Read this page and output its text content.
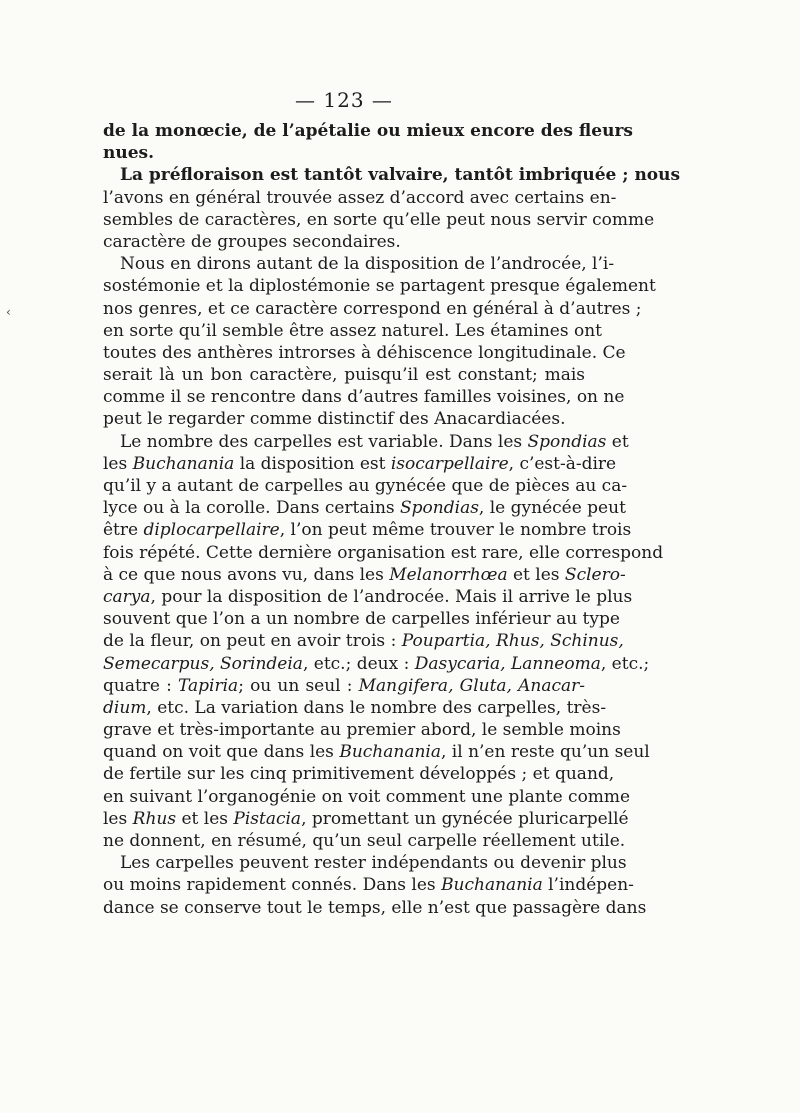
‹
— 123 —
de la monœcie, de l’apétalie ou mieux encore des fleurs
nues.
La préfloraison est tantôt valvaire, tantôt imbriquée ; nous
l’avons en général trouvée assez d’accord avec certains en-
sembles de caractères, en sorte qu’elle peut nous servir comme
caractère de groupes secondaires.
Nous en dirons autant de la disposition de l’androcée, l’i-
sostémonie et la diplostémonie se partagent presque également
nos genres, et ce caractère correspond en général à d’autres ;
en sorte qu’il semble être assez naturel. Les étamines ont
toutes des anthères introrses à déhiscence longitudinale. Ce
serait là un bon caractère, puisqu’il est constant; mais
comme il se rencontre dans d’autres familles voisines, on ne
peut le regarder comme distinctif des Anacardiacées.
Le nombre des carpelles est variable. Dans les Spondias et
les Buchanania la disposition est isocarpellaire, c’est-à-dire
qu’il y a autant de carpelles au gynécée que de pièces au ca-
lyce ou à la corolle. Dans certains Spondias, le gynécée peut
être diplocarpellaire, l’on peut même trouver le nombre trois
fois répété. Cette dernière organisation est rare, elle correspond
à ce que nous avons vu, dans les Melanorrhœa et les Sclero-
carya, pour la disposition de l’androcée. Mais il arrive le plus
souvent que l’on a un nombre de carpelles inférieur au type
de la fleur, on peut en avoir trois : Poupartia, Rhus, Schinus,
Semecarpus, Sorindeia, etc.; deux : Dasycaria, Lanneoma, etc.;
quatre : Tapiria; ou un seul : Mangifera, Gluta, Anacar-
dium, etc. La variation dans le nombre des carpelles, très-
grave et très-importante au premier abord, le semble moins
quand on voit que dans les Buchanania, il n’en reste qu’un seul
de fertile sur les cinq primitivement développés ; et quand,
en suivant l’organogénie on voit comment une plante comme
les Rhus et les Pistacia, promettant un gynécée pluricarpellé
ne donnent, en résumé, qu’un seul carpelle réellement utile.
Les carpelles peuvent rester indépendants ou devenir plus
ou moins rapidement connés. Dans les Buchanania l’indépen-
dance se conserve tout le temps, elle n’est que passagère dans
